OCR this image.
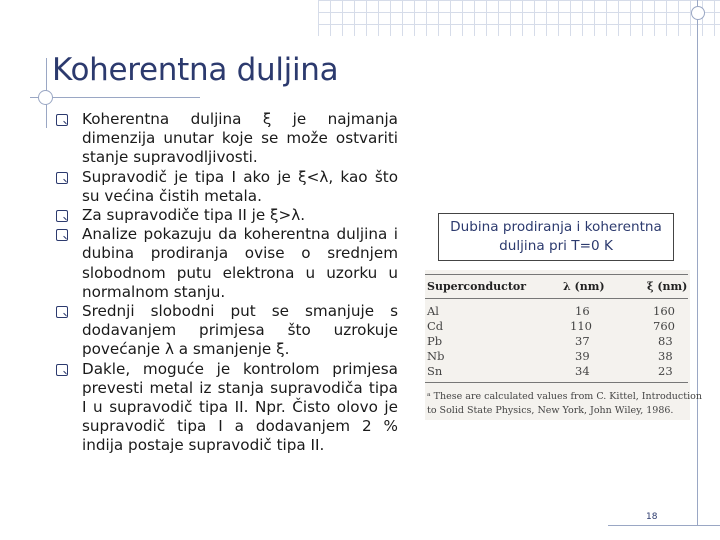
Koherentna duljina
Koherentna duljina ξ je najmanja dimenzija unutar koje se može ostvariti stanje supravodljivosti.
Supravodič je tipa I ako je ξ<λ, kao što su većina čistih metala.
Za supravodiče tipa II je ξ>λ.
Analize pokazuju da koherentna duljina i dubina prodiranja ovise o srednjem slobodnom putu elektrona u uzorku u normalnom stanju.
Srednji slobodni put se smanjuje s dodavanjem primjesa što uzrokuje povećanje λ a smanjenje ξ.
Dakle, moguće je kontrolom primjesa prevesti metal iz stanja supravodiča tipa I u supravodič tipa II. Npr. Čisto olovo je supravodič tipa I a dodavanjem 2 % indija postaje supravodič tipa II.
Dubina prodiranja i koherentna duljina pri T=0 K
Superconductor	λ (nm)	ξ (nm)
Al	16	160
Cd	110	760
Pb	37	83
Nb	39	38
Sn	34	23
ᵃ These are calculated values from C. Kittel, Introduction
to Solid State Physics, New York, John Wiley, 1986.
18
